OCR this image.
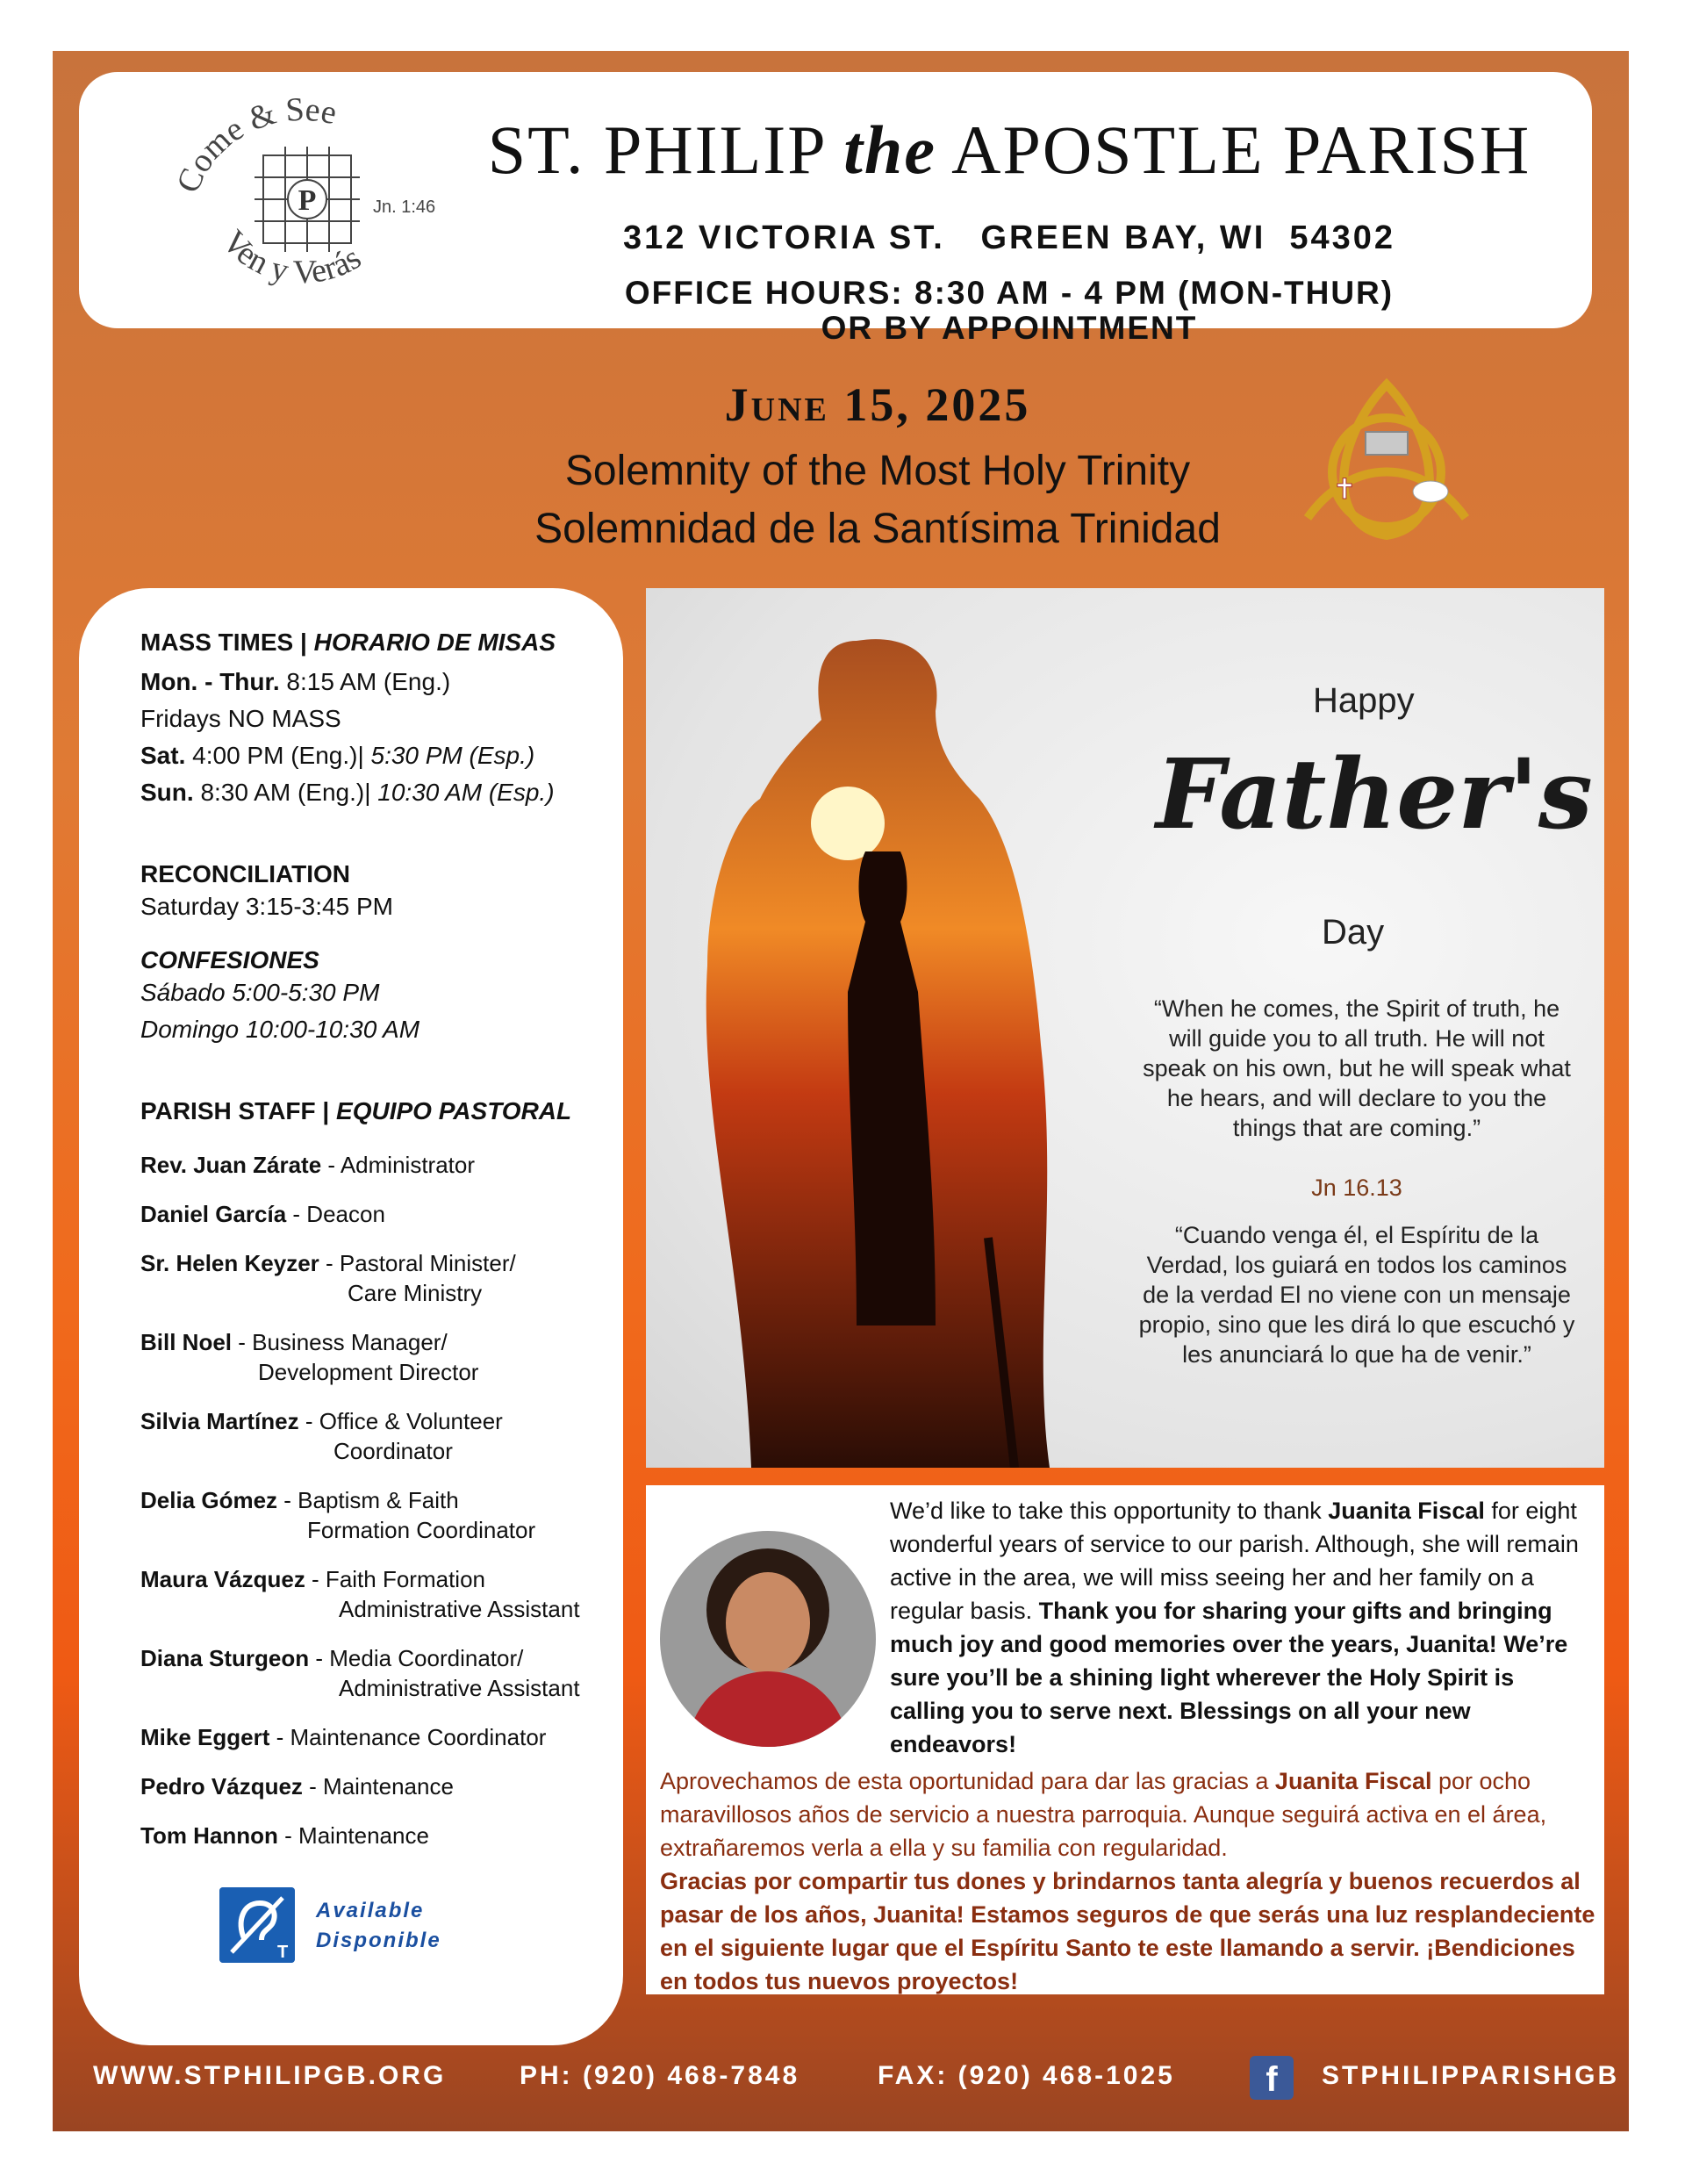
Come & See
Ven y Verás
P	Jn. 1:46
ST. PHILIP the APOSTLE PARISH
312 VICTORIA ST.   GREEN BAY, WI  54302
OFFICE HOURS: 8:30 AM - 4 PM (MON-THUR)
OR BY APPOINTMENT
June 15, 2025
Solemnity of the Most Holy Trinity
Solemnidad de la Santísima Trinidad
✝
MASS TIMES | HORARIO DE MISAS
Mon. - Thur. 8:15 AM (Eng.)
Fridays NO MASS
Sat. 4:00 PM (Eng.)| 5:30 PM (Esp.)
Sun. 8:30 AM (Eng.)| 10:30 AM (Esp.)
RECONCILIATION
Saturday 3:15-3:45 PM
CONFESIONES
Sábado 5:00-5:30 PM
Domingo 10:00-10:30 AM
PARISH STAFF | EQUIPO PASTORAL
Rev. Juan Zárate - Administrator
Daniel García - Deacon
Sr. Helen Keyzer - Pastoral Minister/
Care Ministry
Bill Noel - Business Manager/
Development Director
Silvia Martínez - Office & Volunteer
Coordinator
Delia Gómez - Baptism & Faith
Formation Coordinator
Maura Vázquez - Faith Formation
Administrative Assistant
Diana Sturgeon - Media Coordinator/
Administrative Assistant
Mike Eggert - Maintenance Coordinator
Pedro Vázquez - Maintenance
Tom Hannon - Maintenance
T
Available
Disponible
Happy
Father's
Day
“When he comes, the Spirit of truth, he will guide you to all truth. He will not speak on his own, but he will speak what he hears, and will declare to you the things that are coming.”
Jn 16.13
“Cuando venga él, el Espíritu de la Verdad, los guiará en todos los caminos de la verdad El no viene con un mensaje propio, sino que les dirá lo que escuchó y les anunciará lo que ha de venir.”
We’d like to take this opportunity to thank Juanita Fiscal for eight wonderful years of service to our parish. Although, she will remain active in the area, we will miss seeing her and her family on a regular basis. Thank you for sharing your gifts and bringing much joy and good memories over the years, Juanita! We’re sure you’ll be a shining light wherever the Holy Spirit is calling you to serve next. Blessings on all your new endeavors!
Aprovechamos de esta oportunidad para dar las gracias a Juanita Fiscal por ocho maravillosos años de servicio a nuestra parroquia. Aunque seguirá activa en el área, extrañaremos verla a ella y su familia con regularidad.
Gracias por compartir tus dones y brindarnos tanta alegría y buenos recuerdos al pasar de los años, Juanita! Estamos seguros de que serás una luz resplandeciente en el siguiente lugar que el Espíritu Santo te este llamando a servir. ¡Bendiciones en todos tus nuevos proyectos!
WWW.STPHILIPGB.ORG	PH: (920) 468-7848	FAX: (920) 468-1025	f	STPHILIPPARISHGB
